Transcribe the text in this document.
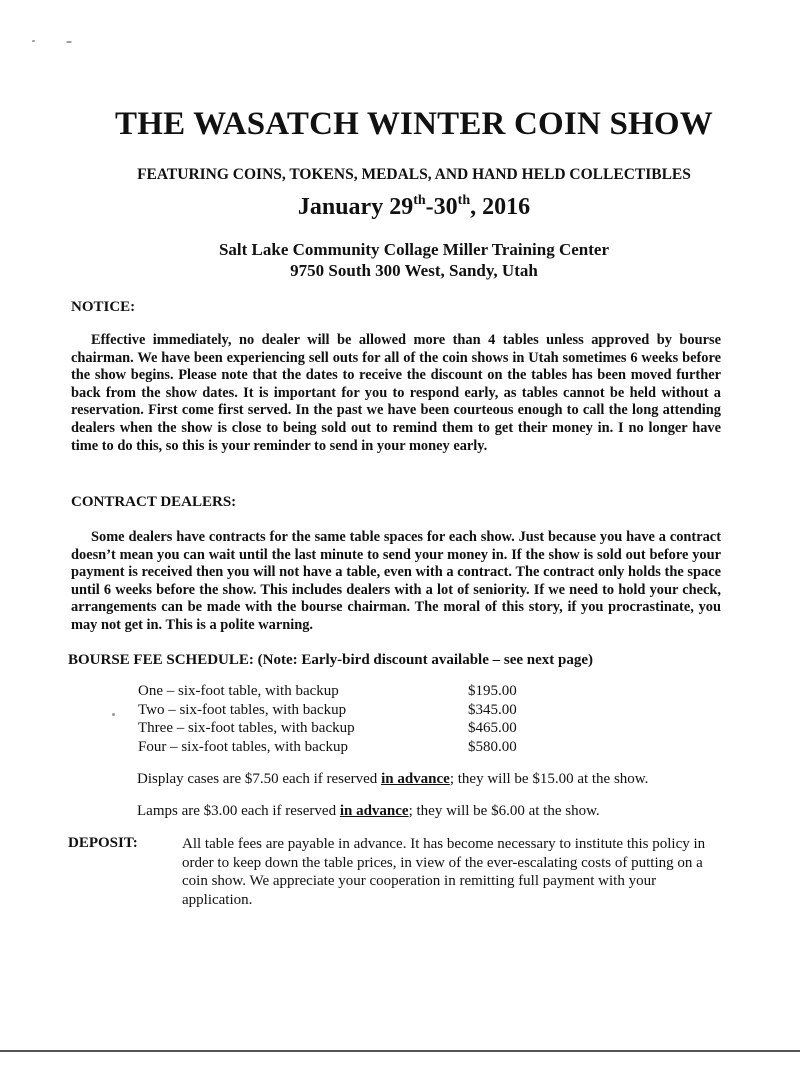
THE WASATCH WINTER COIN SHOW
FEATURING COINS, TOKENS, MEDALS, AND HAND HELD COLLECTIBLES
January 29th-30th, 2016
Salt Lake Community Collage Miller Training Center
9750 South 300 West, Sandy, Utah
NOTICE:
Effective immediately, no dealer will be allowed more than 4 tables unless approved by bourse chairman. We have been experiencing sell outs for all of the coin shows in Utah sometimes 6 weeks before the show begins. Please note that the dates to receive the discount on the tables has been moved further back from the show dates. It is important for you to respond early, as tables cannot be held without a reservation. First come first served. In the past we have been courteous enough to call the long attending dealers when the show is close to being sold out to remind them to get their money in. I no longer have time to do this, so this is your reminder to send in your money early.
CONTRACT DEALERS:
Some dealers have contracts for the same table spaces for each show. Just because you have a contract doesn’t mean you can wait until the last minute to send your money in. If the show is sold out before your payment is received then you will not have a table, even with a contract. The contract only holds the space until 6 weeks before the show. This includes dealers with a lot of seniority. If we need to hold your check, arrangements can be made with the bourse chairman. The moral of this story, if you procrastinate, you may not get in. This is a polite warning.
BOURSE FEE SCHEDULE: (Note: Early-bird discount available – see next page)
One – six-foot table, with backup	$195.00
Two – six-foot tables, with backup	$345.00
Three – six-foot tables, with backup	$465.00
Four – six-foot tables, with backup	$580.00
Display cases are $7.50 each if reserved in advance; they will be $15.00 at the show.
Lamps are $3.00 each if reserved in advance; they will be $6.00 at the show.
DEPOSIT:	All table fees are payable in advance. It has become necessary to institute this policy in order to keep down the table prices, in view of the ever-escalating costs of putting on a coin show. We appreciate your cooperation in remitting full payment with your application.
